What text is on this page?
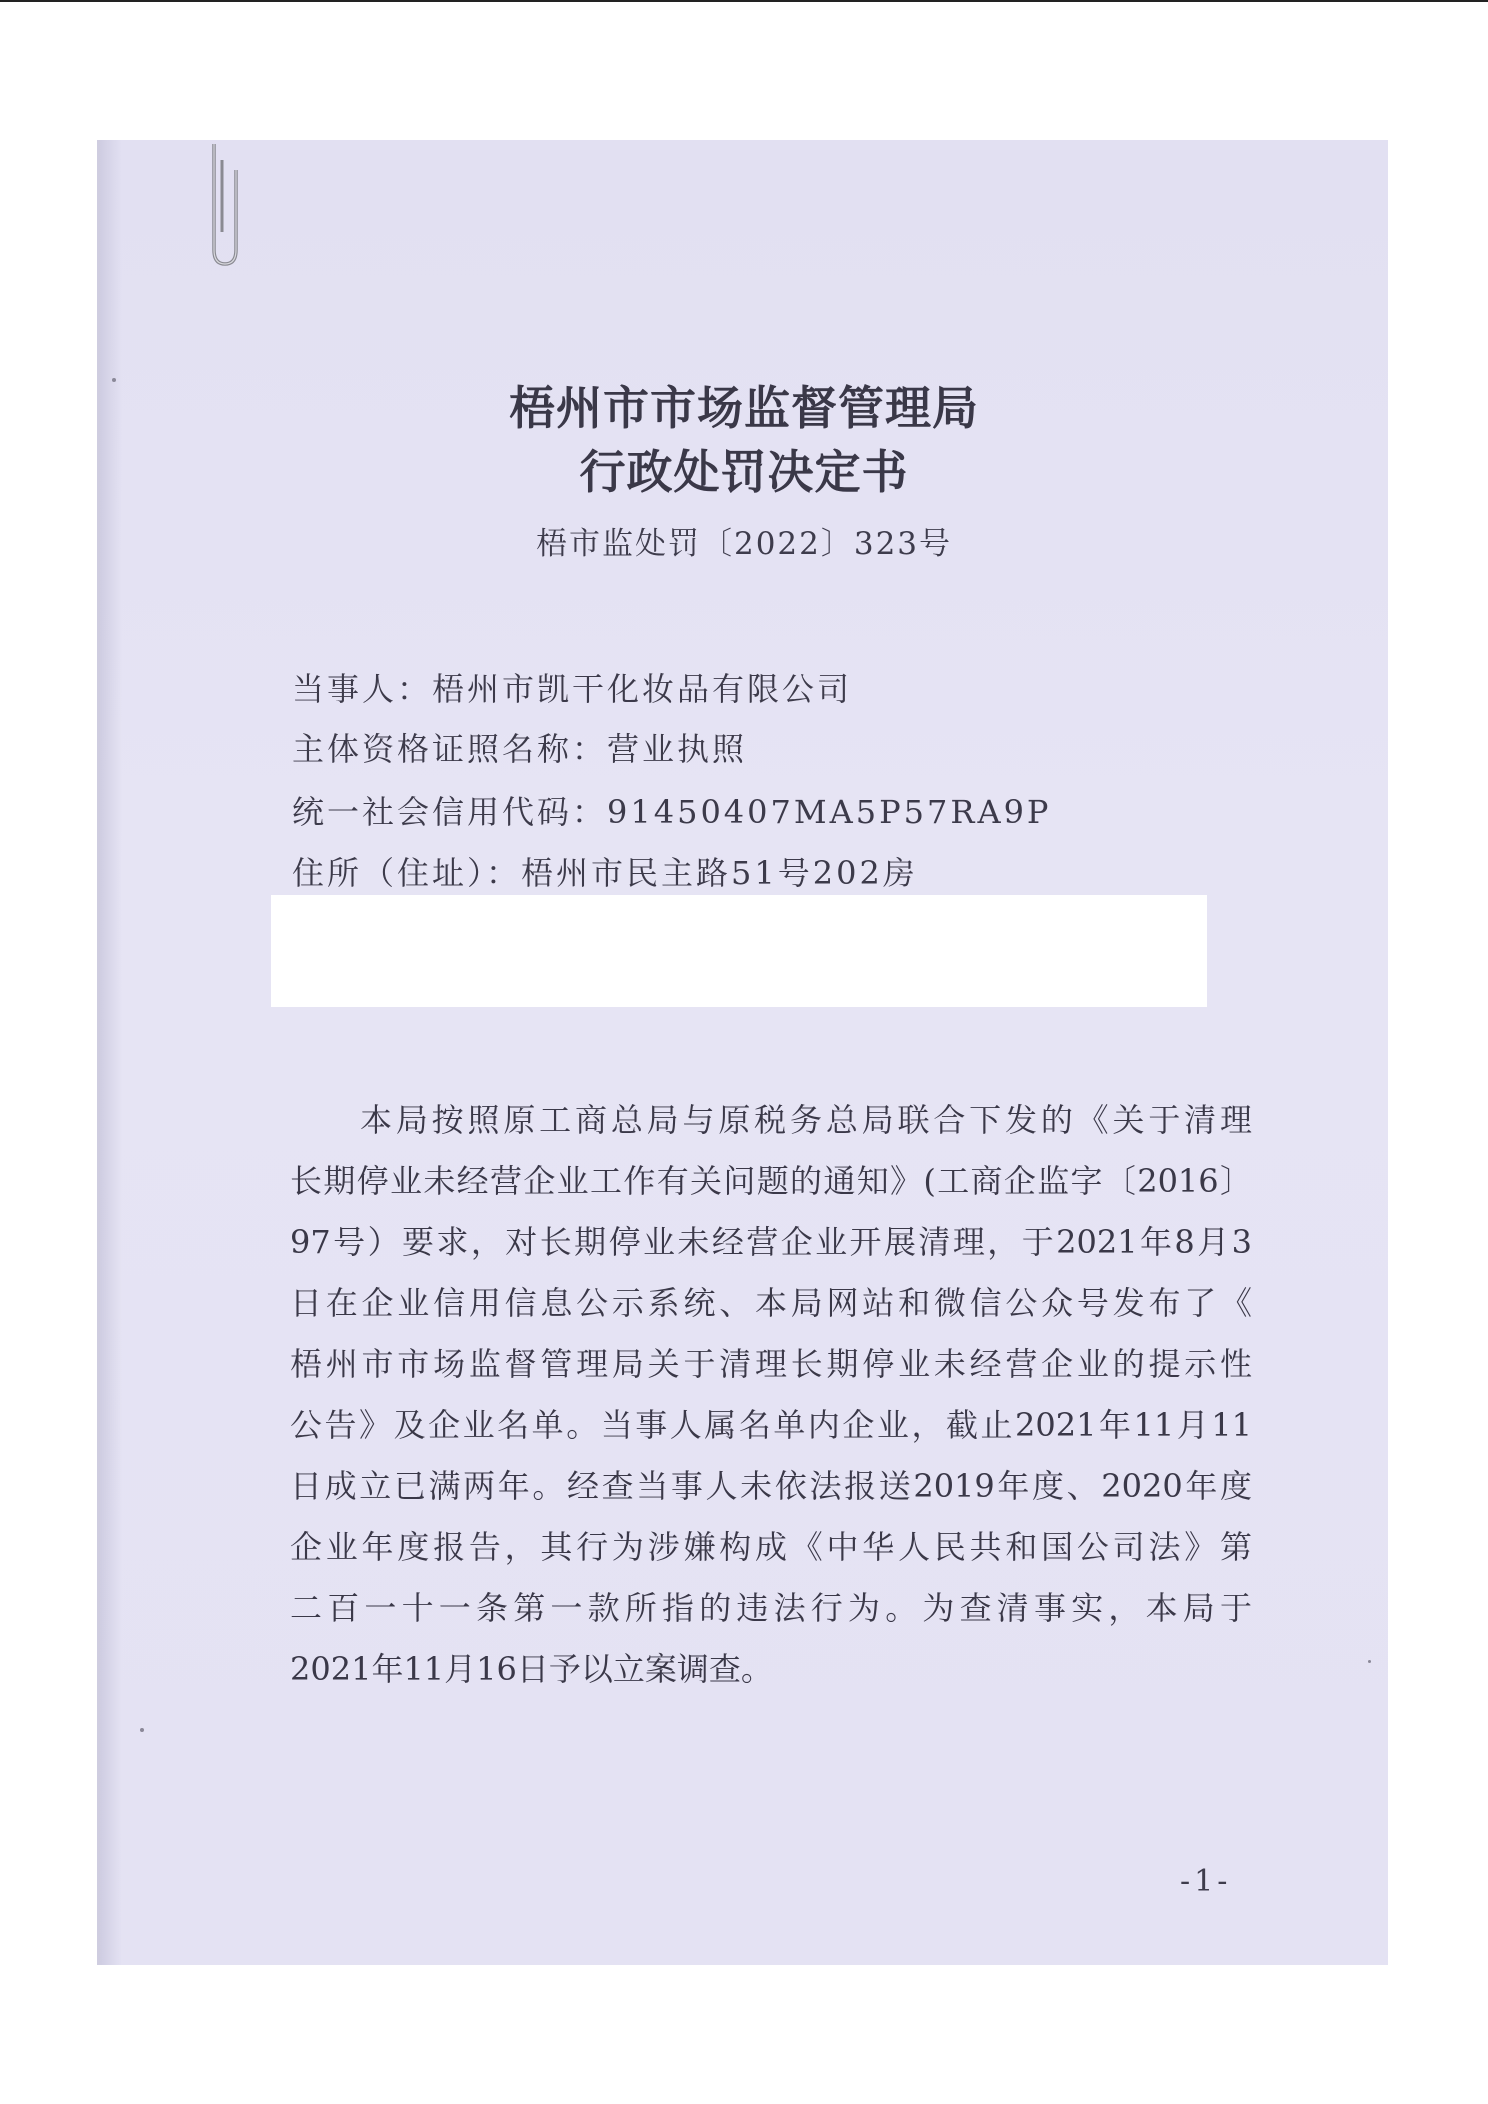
梧州市市场监督管理局
行政处罚决定书
梧市监处罚〔2022〕323号
当事人：梧州市凯干化妆品有限公司
主体资格证照名称：营业执照
统一社会信用代码：91450407MA5P57RA9P
住所（住址）：梧州市民主路51号202房
本局按照原工商总局与原税务总局联合下发的《关于清理
长期停业未经营企业工作有关问题的通知》(工商企监字〔2016〕
97号）要求，对长期停业未经营企业开展清理，于2021年8月3
日在企业信用信息公示系统、本局网站和微信公众号发布了《
梧州市市场监督管理局关于清理长期停业未经营企业的提示性
公告》及企业名单。当事人属名单内企业，截止2021年11月11
日成立已满两年。经查当事人未依法报送2019年度、2020年度
企业年度报告，其行为涉嫌构成《中华人民共和国公司法》第
二百一十一条第一款所指的违法行为。为查清事实，本局于
2021年11月16日予以立案调查。
-1-
